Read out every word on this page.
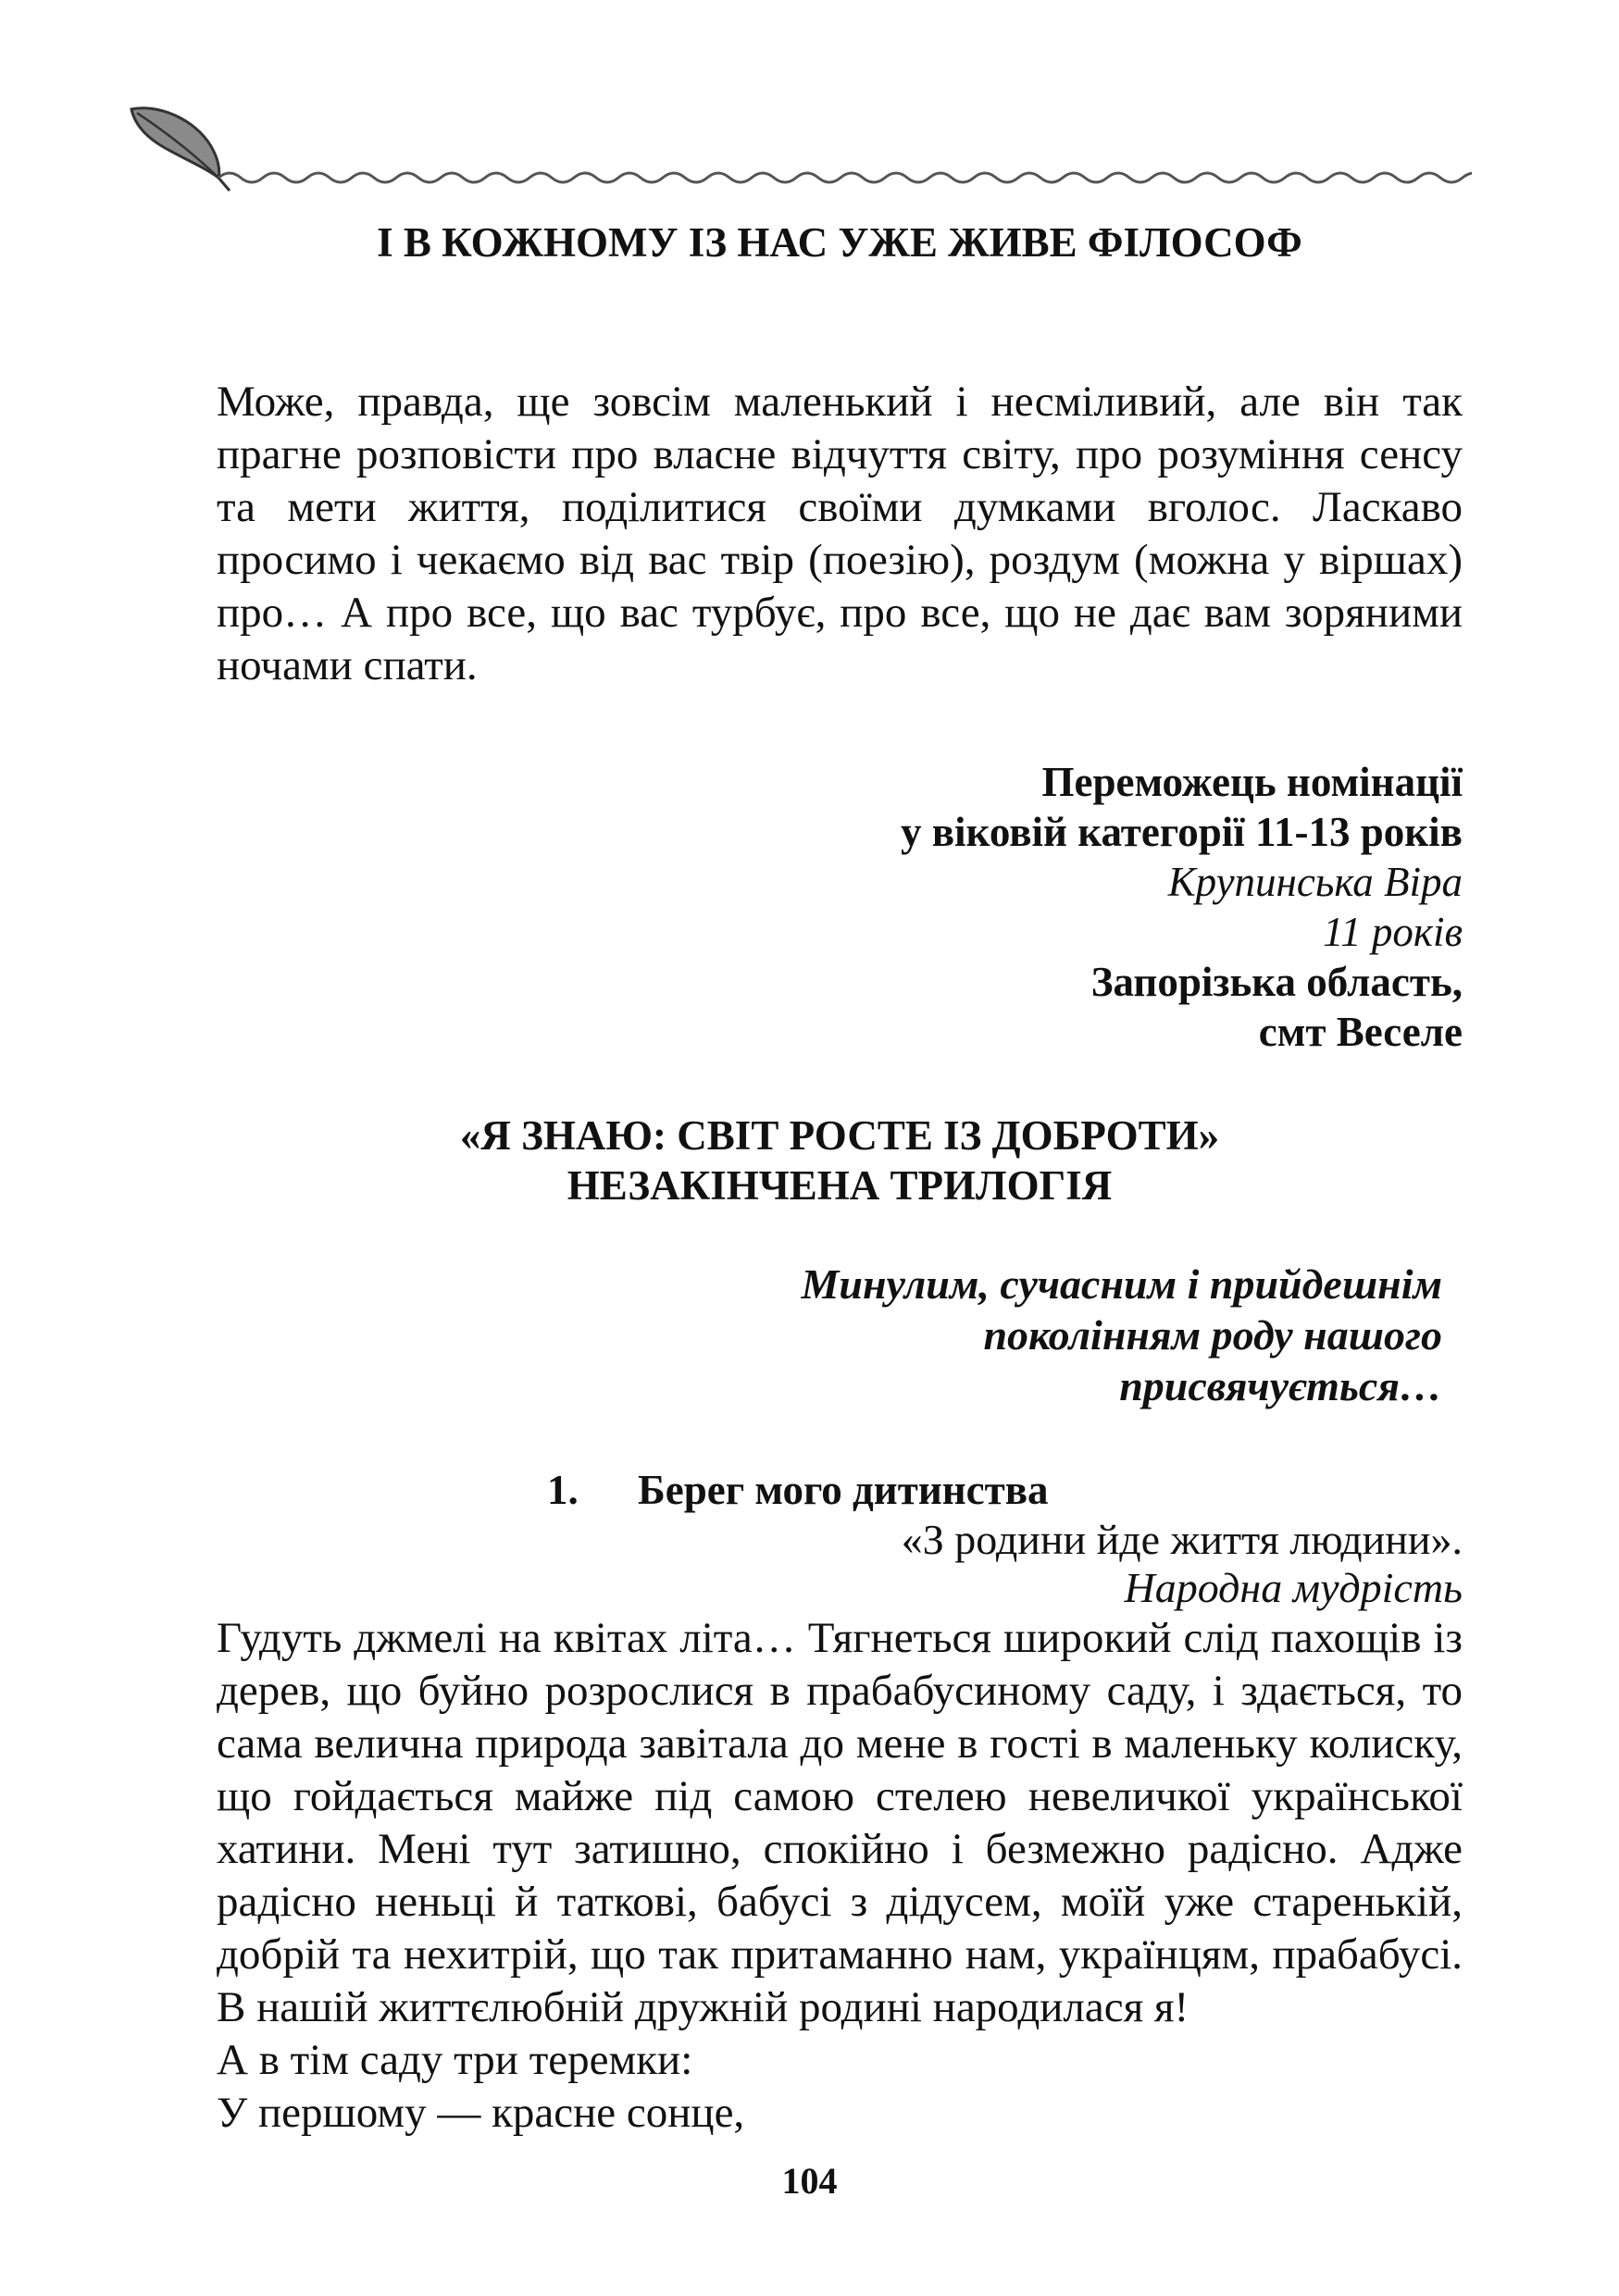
І В КОЖНОМУ ІЗ НАС УЖЕ ЖИВЕ ФІЛОСОФ
Може, правда, ще зовсім маленький і несміливий, але він так прагне розповісти про власне відчуття світу, про розуміння сенсу та мети життя, поділитися своїми думками вголос. Ласкаво просимо і чекаємо від вас твір (поезію), роздум (можна у віршах) про… А про все, що вас турбує, про все, що не дає вам зоряними ночами спати.
Переможець номінації
у віковій категорії 11-13 років
Крупинська Віра
11 років
Запорізька область,
смт Веселе
«Я ЗНАЮ: СВІТ РОСТЕ ІЗ ДОБРОТИ»
НЕЗАКІНЧЕНА ТРИЛОГІЯ
Минулим, сучасним і прийдешнім
поколінням роду нашого
присвячується…
1. Берег мого дитинства
«З родини йде життя людини».
Народна мудрість
Гудуть джмелі на квітах літа… Тягнеться широкий слід пахощів із дерев, що буйно розрослися в прабабусиному саду, і здається, то сама велична природа завітала до мене в гості в маленьку колиску, що гойдається майже під самою стелею невеличкої української хатини. Мені тут затишно, спокійно і безмежно радісно. Адже радісно неньці й таткові, бабусі з дідусем, моїй уже старенькій, добрій та нехитрій, що так притаманно нам, українцям, прабабусі. В нашій життєлюбній дружній родині народилася я!
А в тім саду три теремки:
У першому — красне сонце,
104
